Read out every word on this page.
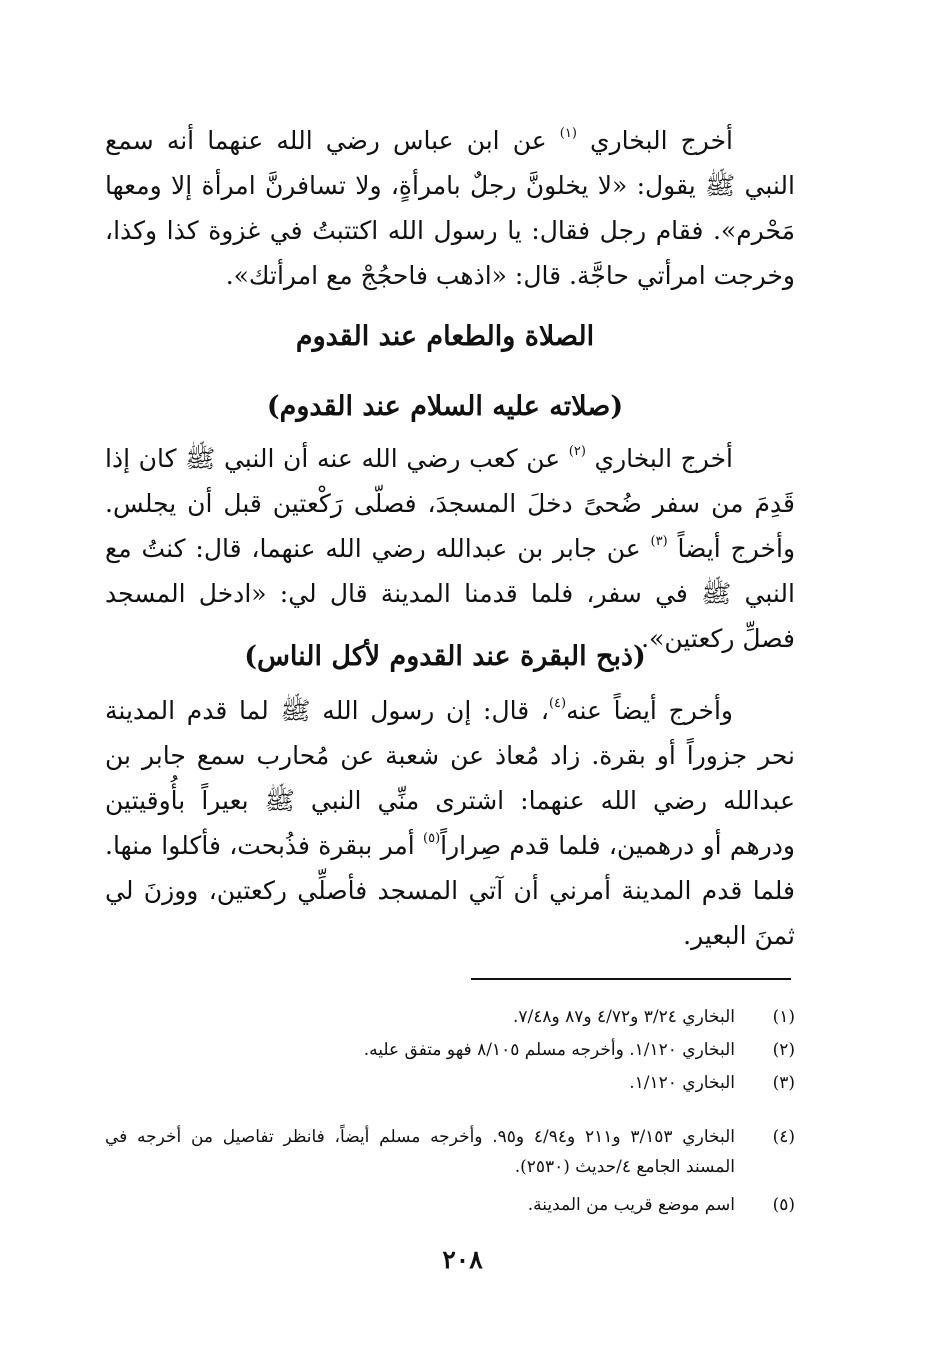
أخرج البخاري $^{(١)}$ عن ابن عباس رضي الله عنهما أنه سمع النبي ﷺ يقول: «لا يخلونَّ رجلٌ بامرأةٍ، ولا تسافرنَّ امرأة إلا ومعها مَحْرم». فقام رجل فقال: يا رسول الله اكتتبتُ في غزوة كذا وكذا، وخرجت امرأتي حاجَّة. قال: «اذهب فاحجُجْ مع امرأتك».

الصلاة والطعام عند القدوم
(صلاته عليه السلام عند القدوم)

أخرج البخاري $^{(٢)}$ عن كعب رضي الله عنه أن النبي ﷺ كان إذا قَدِمَ من سفر ضُحىً دخلَ المسجدَ، فصلّى رَكْعتين قبل أن يجلس. وأخرج أيضاً $^{(٣)}$ عن جابر بن عبدالله رضي الله عنهما، قال: كنتُ مع النبي ﷺ في سفر، فلما قدمنا المدينة قال لي: «ادخل المسجد فصلِّ ركعتين».

(ذبح البقرة عند القدوم لأكل الناس)

وأخرج أيضاً عنه$^{(٤)}$، قال: إن رسول الله ﷺ لما قدم المدينة نحر جزوراً أو بقرة. زاد مُعاذ عن شعبة عن مُحارب سمع جابر بن عبدالله رضي الله عنهما: اشترى منِّي النبي ﷺ بعيراً بأُوقيتين ودرهم أو درهمين، فلما قدم صِراراً$^{(٥)}$ أمر ببقرة فذُبحت، فأكلوا منها. فلما قدم المدينة أمرني أن آتي المسجد فأصلِّي ركعتين، ووزنَ لي ثمنَ البعير.

(١)
البخاري ٣/٢٤ و٤/٧٢ و٨٧ و٧/٤٨.
(٢)
البخاري ١/١٢٠. وأخرجه مسلم ٨/١٠٥ فهو متفق عليه.
(٣)
البخاري ١/١٢٠.
(٤)
البخاري ٣/١٥٣ و٢١١ و٤/٩٤ و٩٥. وأخرجه مسلم أيضاً، فانظر تفاصيل من أخرجه في المسند الجامع ٤/حديث (٢٥٣٠).
(٥)
اسم موضع قريب من المدينة.
٢٠٨
